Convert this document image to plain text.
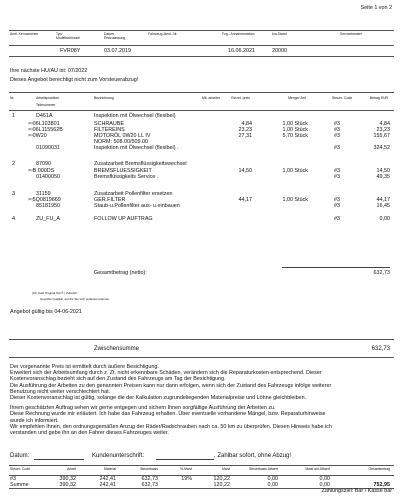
Seite 1 von 2
Amtl. Kennzeichen	Typ/ Modellschlüssel
Datum Erstzulassung
Fahrzeug-Ident.-Nr.	Fzg.- Annahmedatum	km-Stand	Serviceberater
FVR08Y	03.07.2019	16.06.2021	20000
Ihre nächste HU/AU ist: 07/2022
Dieses Angebot berechtigt nicht zum Vorsteuerabzug!
Nr.	Arbeitsposition/
Teilenummer
Bezeichnung	Mit- arbeiter	Einzel- preis	Menge/ Zeit	Steuer- Code	Betrag EUR
1	D461A	Inspektion mit Ölwechsel (flexibel)
$^{(01)}$06L103801	SCHRAUBE	4,84	1,00 Stück	#3	4,84
$^{(01)}$06L115562B	FILTEREINS	23,23	1,00 Stück	#3	23,23
$^{(01)}$0W20	MOTORÖL 0W20 LL IV	27,31	5,70 Stück	#3	155,67
NORM: 508.00/509.00
01090031	Inspektion mit Ölwechsel (flexibel) .	#3	324,52
2	87090	Zusatzarbeit Bremsflüssigkeitswechsel
$^{(01)}$B 000DS	BREMSFLUESSIGKEIT	14,50	1,00 Stück	#3	14,50
01400050	Bremsflüssigkeits Service .	#3	49,35
3	31159	Zusatzarbeit Pollenfilter ersetzen
$^{(01)}$5Q0819669	GER.FILTER	44,17	1,00 Stück	#3	44,17
85181950	Staub-u.Pollenfilter aus- u.einbauen	#3	16,45
4	ZU_FU_A	FOLLOW UP AUFTRAG	#3	0,00
Gesamtbetrag (netto):	632,73
(01) Audi Original Teil ® | Zubehör
Geprüfte Qualität, auf die Sie sich verlassen können.
Angebot gültig bis 04-06-2021
Zwischensumme	632,73
Der vorgenannte Preis ist ermittelt durch äußere Besichtigung.
Erweitert sich der Arbeitsumfang durch z. Zt. nicht erkennbare Schäden, verändern sich die Reparaturkosten entsprechend. Dieser
Kostenvoranschlag bezieht sich auf den Zustand des Fahrzeugs am Tag der Besichtigung.
Die Ausführung der Arbeiten zu den genannten Preisen kann nur dann erfolgen, wenn sich der Zustand des Fahrzeugs infolge weiterer
Benutzung nicht weiter verschlechtert hat.
Dieser Kostenvoranschlag ist gültig, solange die der Kalkulation zugrundeliegenden Materialpreise und Löhne gleichbleiben.
Ihrem geschätzten Auftrag sehen wir gerne entgegen und sichern Ihnen sorgfältige Ausführung der Arbeiten zu.
Diese Rechnung wurde mir erläutert. Ich habe das Fahrzeug erhalten. Über eventuelle vorhandene Mängel, bzw. Reparaturhinweise
wurde ich informiert.
Wir empfehlen Ihnen, den ordnungsgemäßen Anzug der Räder/Radschrauben nach ca. 50 km zu überprüfen. Diesen Hinweis habe ich
verstanden und gebe ihn an den Fahrer dieses Fahrzeuges weiter.
Datum:	Kundenunterschrift:	, Zahlbar sofort, ohne Abzug!
Steuer- Code	Arbeit	Material	Steuerbasis	%-Mwst	Mwst	Steuerbasis Altwert	Mwst auf Altwert	Gesamtbetrag
#3	390,32	242,41	632,73	19%	120,22	0,00	0,00
Summe	390,32	242,41	632,73	120,22	0,00	0,00	752,95
Zahlungsziel: Bar / Kasse bar
